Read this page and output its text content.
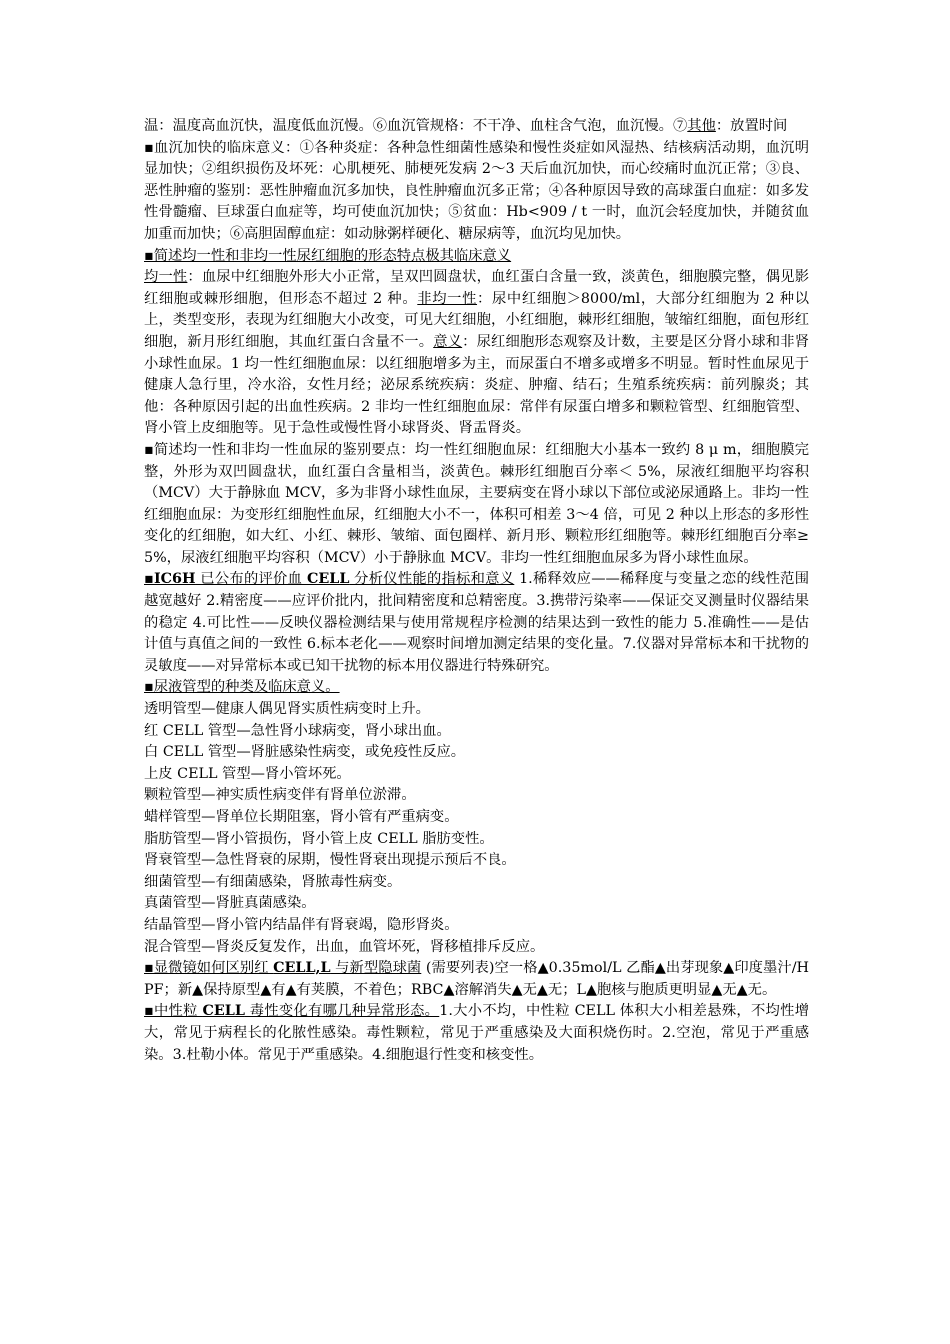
温：温度高血沉快，温度低血沉慢。⑥血沉管规格：不干净、血柱含气泡，血沉慢。⑦其他：放置时间

▪血沉加快的临床意义：①各种炎症：各种急性细菌性感染和慢性炎症如风湿热、结核病活动期，血沉明显加快；②组织损伤及坏死：心肌梗死、肺梗死发病 2～3 天后血沉加快，而心绞痛时血沉正常；③良、恶性肿瘤的鉴别：恶性肿瘤血沉多加快，良性肿瘤血沉多正常；④各种原因导致的高球蛋白血症：如多发性骨髓瘤、巨球蛋白血症等，均可使血沉加快；⑤贫血：Hb<909 / t 一时，血沉会轻度加快，并随贫血加重而加快；⑥高胆固醇血症：如动脉粥样硬化、糖尿病等，血沉均见加快。

▪简述均一性和非均一性尿红细胞的形态特点极其临床意义

均一性：血尿中红细胞外形大小正常，呈双凹圆盘状，血红蛋白含量一致，淡黄色，细胞膜完整，偶见影红细胞或棘形细胞，但形态不超过 2 种。非均一性：尿中红细胞＞8000/ml，大部分红细胞为 2 种以上，类型变形，表现为红细胞大小改变，可见大红细胞，小红细胞，棘形红细胞，皱缩红细胞，面包形红细胞，新月形红细胞，其血红蛋白含量不一。意义：尿红细胞形态观察及计数，主要是区分肾小球和非肾小球性血尿。1 均一性红细胞血尿：以红细胞增多为主，而尿蛋白不增多或增多不明显。暂时性血尿见于健康人急行里，冷水浴，女性月经；泌尿系统疾病：炎症、肿瘤、结石；生殖系统疾病：前列腺炎；其他：各种原因引起的出血性疾病。2 非均一性红细胞血尿：常伴有尿蛋白增多和颗粒管型、红细胞管型、肾小管上皮细胞等。见于急性或慢性肾小球肾炎、肾盂肾炎。

▪简述均一性和非均一性血尿的鉴别要点：均一性红细胞血尿：红细胞大小基本一致约 8 μ m，细胞膜完整，外形为双凹圆盘状，血红蛋白含量相当，淡黄色。棘形红细胞百分率＜ 5%，尿液红细胞平均容积（MCV）大于静脉血 MCV，多为非肾小球性血尿，主要病变在肾小球以下部位或泌尿通路上。非均一性红细胞血尿：为变形红细胞性血尿，红细胞大小不一，体积可相差 3～4 倍，可见 2 种以上形态的多形性变化的红细胞，如大红、小红、棘形、皱缩、面包圈样、新月形、颗粒形红细胞等。棘形红细胞百分率≥5%，尿液红细胞平均容积（MCV）小于静脉血 MCV。非均一性红细胞血尿多为肾小球性血尿。

▪IC6H 已公布的评价血 CELL 分析仪性能的指标和意义 1.稀释效应——稀释度与变量之恋的线性范围越宽越好 2.精密度——应评价批内，批间精密度和总精密度。3.携带污染率——保证交叉测量时仪器结果的稳定 4.可比性——反映仪器检测结果与使用常规程序检测的结果达到一致性的能力 5.准确性——是估计值与真值之间的一致性 6.标本老化——观察时间增加测定结果的变化量。7.仪器对异常标本和干扰物的灵敏度——对异常标本或已知干扰物的标本用仪器进行特殊研究。

▪尿液管型的种类及临床意义。

透明管型—健康人偶见肾实质性病变时上升。

红 CELL 管型—急性肾小球病变，肾小球出血。

白 CELL 管型—肾脏感染性病变，或免疫性反应。

上皮 CELL 管型—肾小管坏死。

颗粒管型—神实质性病变伴有肾单位淤滞。

蜡样管型—肾单位长期阻塞，肾小管有严重病变。

脂肪管型—肾小管损伤，肾小管上皮 CELL 脂肪变性。

肾衰管型—急性肾衰的尿期，慢性肾衰出现提示预后不良。

细菌管型—有细菌感染，肾脓毒性病变。

真菌管型—肾脏真菌感染。

结晶管型—肾小管内结晶伴有肾衰竭，隐形肾炎。

混合管型—肾炎反复发作，出血，血管坏死，肾移植排斥反应。

▪显微镜如何区别红 CELL,L 与新型隐球菌 (需要列表)空一格▲0.35mol/L 乙酯▲出芽现象▲印度墨汁/HPF；新▲保持原型▲有▲有荚膜，不着色；RBC▲溶解消失▲无▲无；L▲胞核与胞质更明显▲无▲无。

▪中性粒 CELL 毒性变化有哪几种异常形态。1.大小不均，中性粒 CELL 体积大小相差悬殊，不均性增大，常见于病程长的化脓性感染。毒性颗粒，常见于严重感染及大面积烧伤时。2.空泡，常见于严重感染。3.杜勒小体。常见于严重感染。4.细胞退行性变和核变性。
